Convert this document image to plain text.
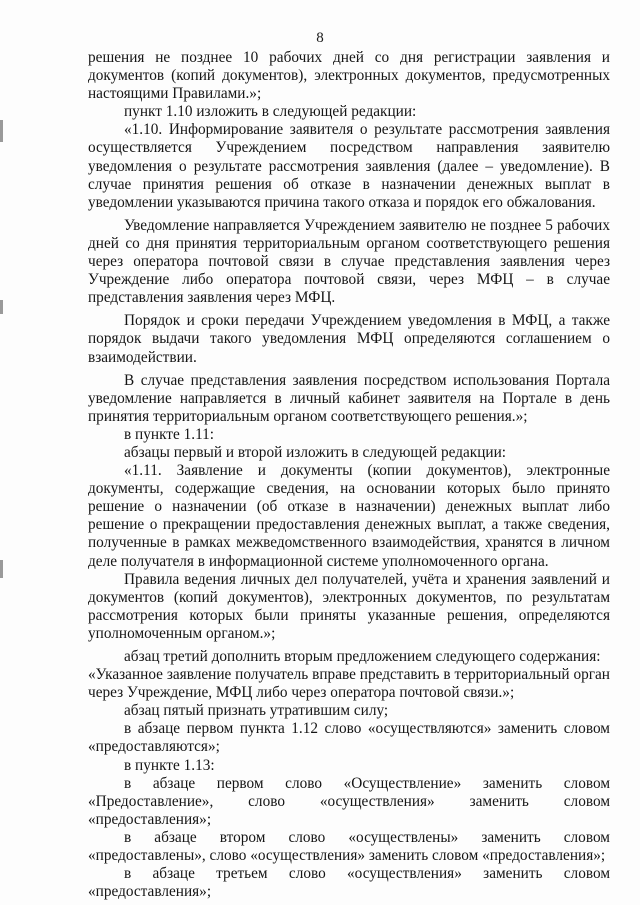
8

решения не позднее 10 рабочих дней со дня регистрации заявления и документов (копий документов), электронных документов, предусмотренных настоящими Правилами.»;

пункт 1.10 изложить в следующей редакции:

«1.10. Информирование заявителя о результате рассмотрения заявления осуществляется Учреждением посредством направления заявителю уведомления о результате рассмотрения заявления (далее – уведомление). В случае принятия решения об отказе в назначении денежных выплат в уведомлении указываются причина такого отказа и порядок его обжалования.

Уведомление направляется Учреждением заявителю не позднее 5 рабочих дней со дня принятия территориальным органом соответствующего решения через оператора почтовой связи в случае представления заявления через Учреждение либо оператора почтовой связи, через МФЦ – в случае представления заявления через МФЦ.

Порядок и сроки передачи Учреждением уведомления в МФЦ, а также порядок выдачи такого уведомления МФЦ определяются соглашением о взаимодействии.

В случае представления заявления посредством использования Портала уведомление направляется в личный кабинет заявителя на Портале в день принятия территориальным органом соответствующего решения.»;

в пункте 1.11:

абзацы первый и второй изложить в следующей редакции:

«1.11. Заявление и документы (копии документов), электронные документы, содержащие сведения, на основании которых было принято решение о назначении (об отказе в назначении) денежных выплат либо решение о прекращении предоставления денежных выплат, а также сведения, полученные в рамках межведомственного взаимодействия, хранятся в личном деле получателя в информационной системе уполномоченного органа.

Правила ведения личных дел получателей, учёта и хранения заявлений и документов (копий документов), электронных документов, по результатам рассмотрения которых были приняты указанные решения, определяются уполномоченным органом.»;

абзац третий дополнить вторым предложением следующего содержания:

«Указанное заявление получатель вправе представить в территориальный орган через Учреждение, МФЦ либо через оператора почтовой связи.»;

абзац пятый признать утратившим силу;

в абзаце первом пункта 1.12 слово «осуществляются» заменить словом «предоставляются»;

в пункте 1.13:

в абзаце первом слово «Осуществление» заменить словом «Предоставление», слово «осуществления» заменить словом «предоставления»;

в абзаце втором слово «осуществлены» заменить словом «предоставлены», слово «осуществления» заменить словом «предоставления»;

в абзаце третьем слово «осуществления» заменить словом «предоставления»;
